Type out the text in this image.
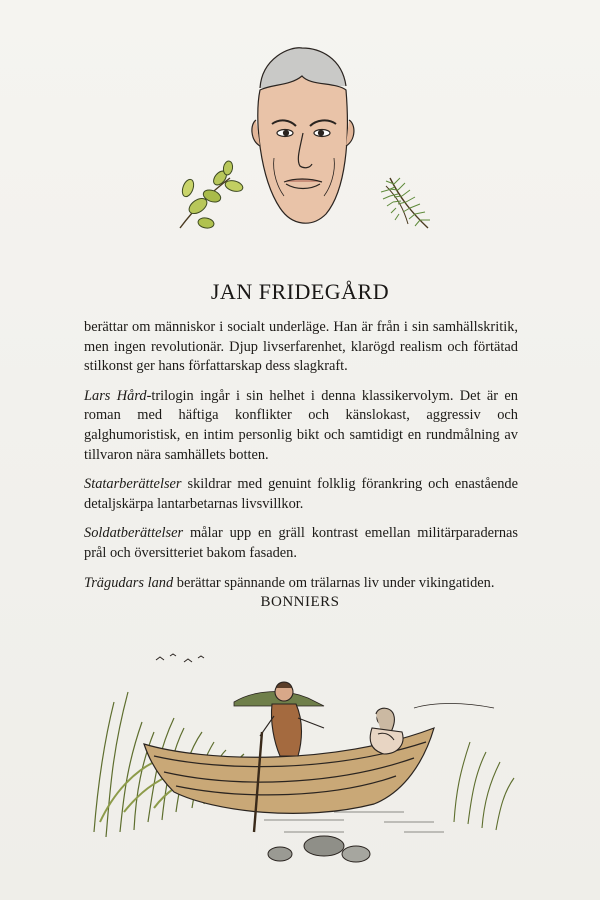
JAN FRIDEGÅRD

berättar om människor i socialt underläge. Han är från i sin samhällskritik, men ingen revolutionär. Djup livserfarenhet, klarögd realism och förtätad stilkonst ger hans författarskap dess slagkraft.

Lars Hård-trilogin ingår i sin helhet i denna klassikervolym. Det är en roman med häftiga konflikter och känslokast, aggressiv och galghumoristisk, en intim personlig bikt och samtidigt en rundmålning av tillvaron nära samhällets botten.

Statarberättelser skildrar med genuint folklig förankring och enastående detaljskärpa lantarbetarnas livsvillkor.

Soldatberättelser målar upp en gräll kontrast emellan militärparadernas prål och översitteriet bakom fasaden.

Trägudars land berättar spännande om trälarnas liv under vikingatiden.

BONNIERS
